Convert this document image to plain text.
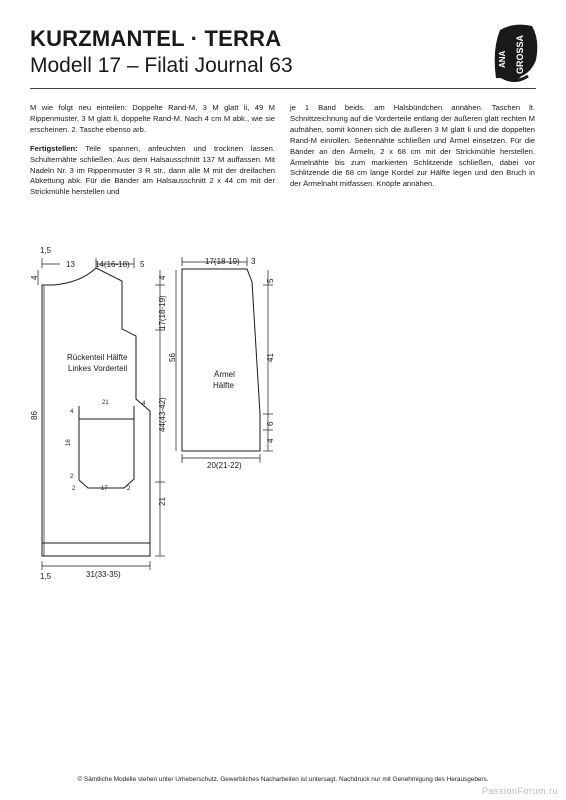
KURZMANTEL · TERRA
Modell 17 – Filati Journal 63	ANA GROSSA

M wie folgt neu einteilen: Doppelte Rand-M, 3 M glatt li, 49 M Rippenmuster, 3 M glatt li, doppelte Rand-M. Nach 4 cm M abk., wie sie erscheinen. 2. Tasche ebenso arb.

Fertigstellen: Teile spannen, anfeuchten und trocknen lassen. Schulternähte schließen. Aus dem Halsausschnitt 137 M auffassen. Mit Nadeln Nr. 3 im Rippenmuster 3 R str., dann alle M mit der dreifachen Abkettung abk. Für die Bänder am Halsausschnitt 2 x 44 cm mit der Strickmühle herstellen und

je 1 Band beids. am Halsbündchen annähen. Taschen lt. Schnittzeichnung auf die Vorderteile entlang der äußeren glatt rechten M aufnähen, somit können sich die äußeren 3 M glatt li und die doppelten Rand-M einrollen. Seitennähte schließen und Ärmel einsetzen. Für die Bänder an den Ärmeln, 2 x 68 cm mit der Strickmühle herstellen. Ärmelnähte bis zum markierten Schlitzende schließen, dabei vor Schlitzende die 68 cm lange Kordel zur Hälfte legen und den Bruch in der Ärmelnaht mitfassen. Knöpfe annähen.

1,5
13	14(16-18) 5
4	4
17(18-19)
44(43-42)
21
86
31(33-35)
1,5
Rückenteil Hälfte
Linkes Vorderteil
21
4
4
16
2
2	17	2
17(18-19) 3
5
56	41
6
4
20(21-22)
Ärmel
Hälfte
© Sämtliche Modelle stehen unter Urheberschutz. Gewerbliches Nacharbeiten ist untersagt. Nachdruck nur mit Genehmigung des Herausgebers.
PassionForum.ru
